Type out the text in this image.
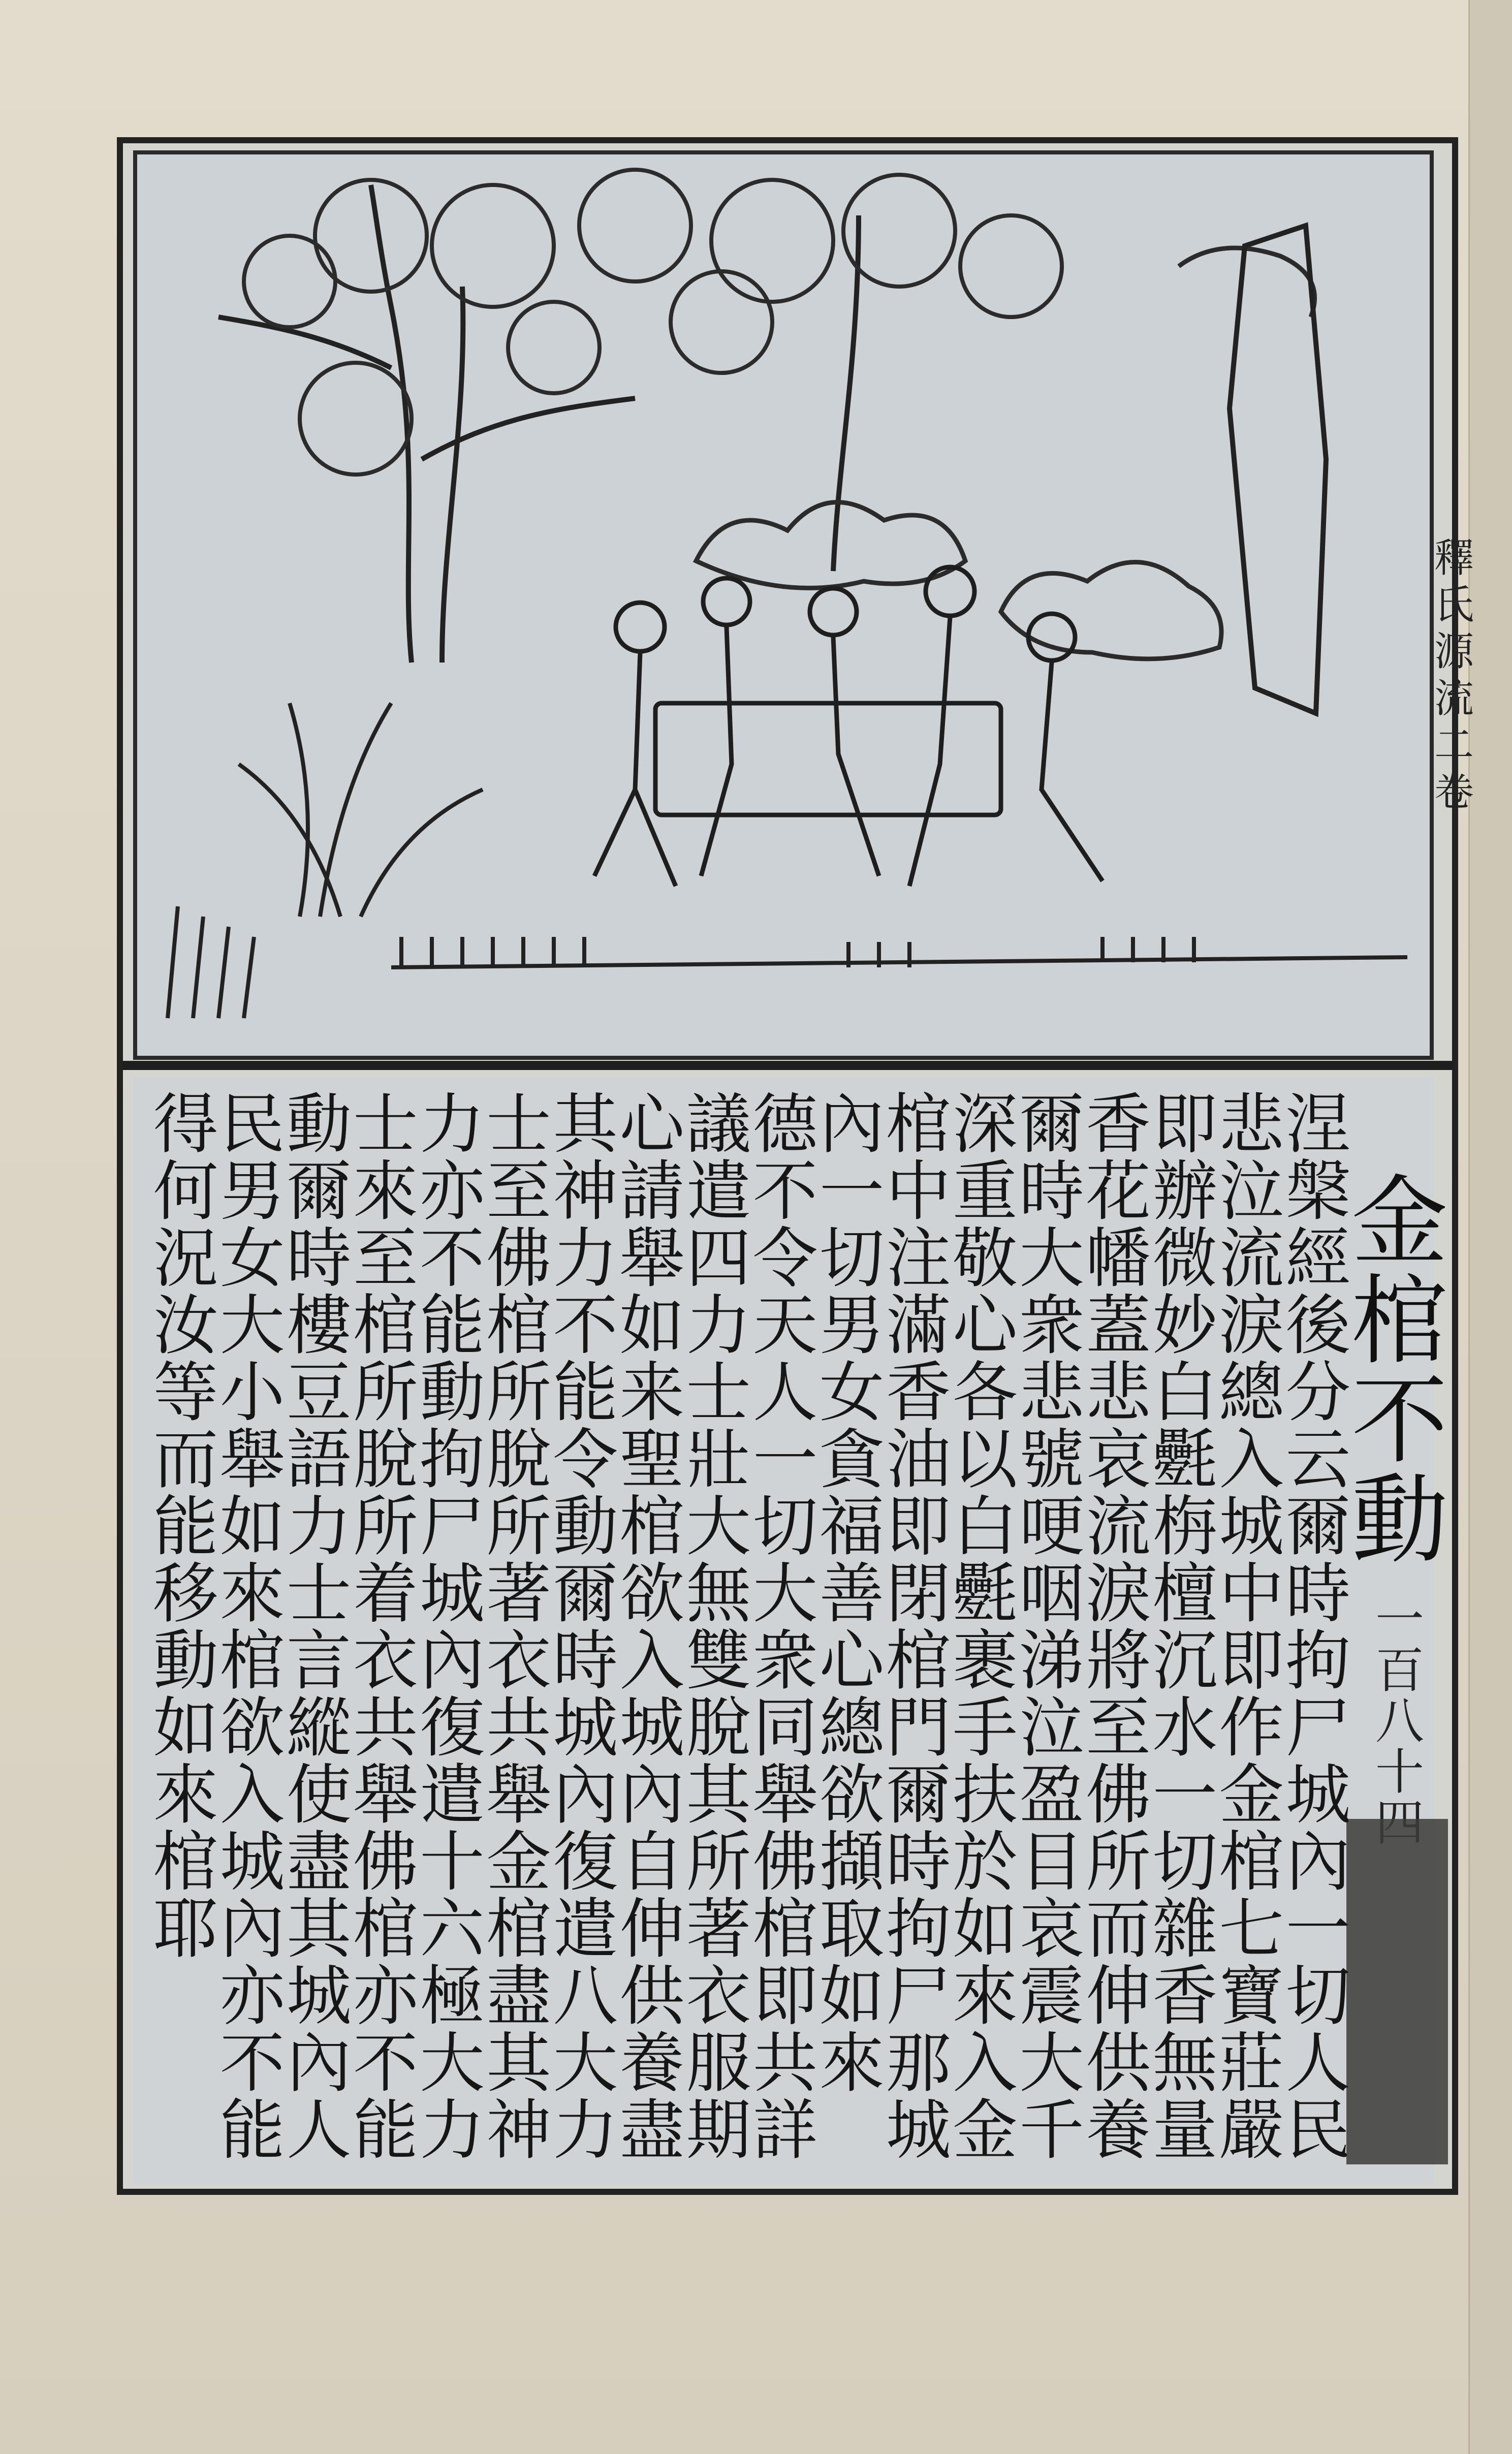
釋
氏
源
流
二
卷
金
棺
不
動
一
百
八
十
涅
槃
經
後
分
云
爾
時
拘
尸
城
內
一
切
人
民
悲
泣
流
淚
總
入
城
中
即
作
金
棺
七
寶
莊
嚴
即
辦
微
妙
白
氎
栴
檀
沉
水
一
切
雜
香
無
量
香
花
幡
蓋
悲
哀
流
淚
將
至
佛
所
而
伸
供
養
爾
時
大
衆
悲
號
哽
咽
涕
泣
盈
目
哀
震
大
千
深
重
敬
心
各
以
白
氎
裹
手
扶
於
如
來
入
金
棺
中
注
滿
香
油
即
閉
棺
門
爾
時
拘
尸
那
城
內
一
切
男
女
貪
福
善
心
總
欲
擷
取
如
來
德
不
令
天
人
一
切
大
衆
同
舉
佛
棺
即
共
詳
議
遣
四
力
士
壯
大
無
雙
脫
其
所
著
衣
服
期
心
請
舉
如
来
聖
棺
欲
入
城
內
自
伸
供
養
盡
其
神
力
不
能
令
動
爾
時
城
內
復
遣
八
大
力
士
至
佛
棺
所
脫
所
著
衣
共
舉
金
棺
盡
其
神
力
亦
不
能
動
拘
尸
城
內
復
遣
十
六
極
大
力
士
來
至
棺
所
脫
所
着
衣
共
舉
佛
棺
亦
不
能
動
爾
時
樓
豆
語
力
士
言
縱
使
盡
其
城
內
人
民
男
女
大
小
舉
如
來
棺
欲
入
城
內
亦
不
能
得
何
況
汝
等
而
能
移
動
如
來
棺
耶
